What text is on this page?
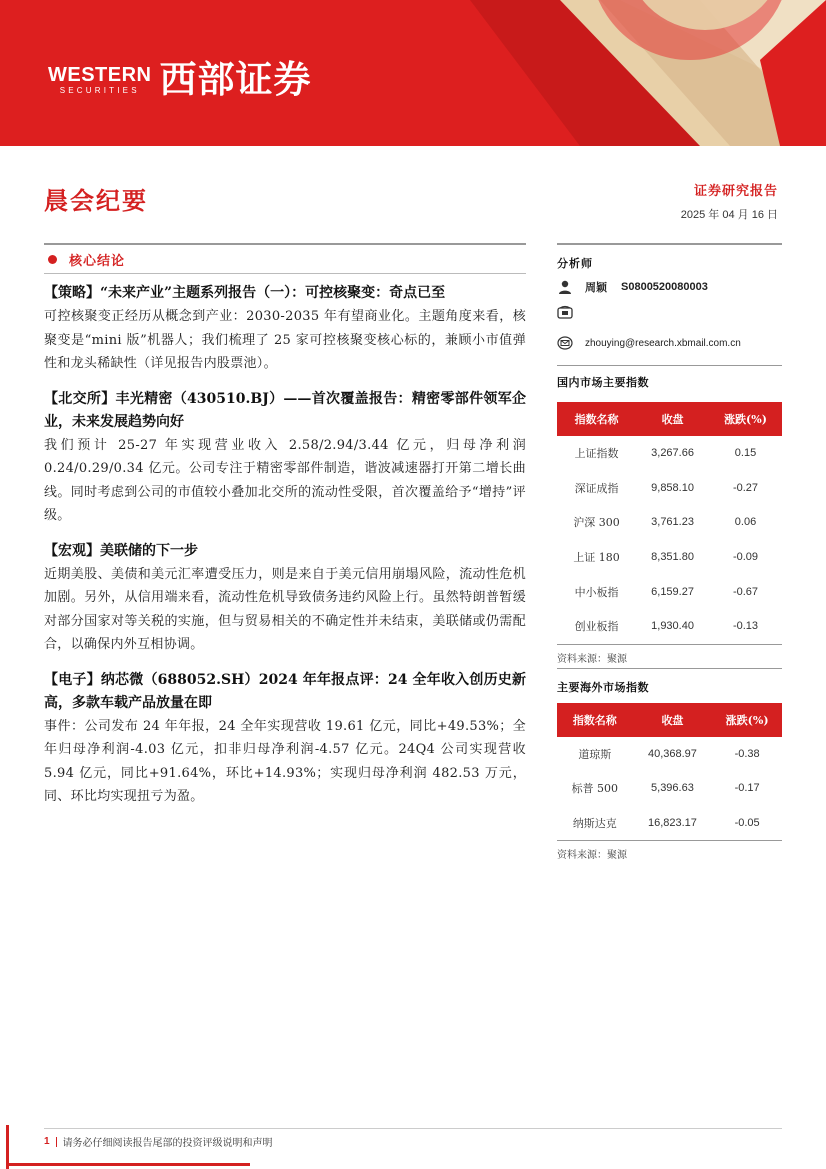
WESTERN
SECURITIES 西部证券
晨会纪要	证券研究报告
2025 年 04 月 16 日
核心结论
【策略】“未来产业”主题系列报告（一）：可控核聚变：奇点已至

可控核聚变正经历从概念到产业：2030-2035 年有望商业化。主题角度来看，核聚变是“mini 版”机器人；我们梳理了 25 家可控核聚变核心标的，兼顾小市值弹性和龙头稀缺性（详见报告内股票池）。

【北交所】丰光精密（430510.BJ）——首次覆盖报告：精密零部件领军企业，未来发展趋势向好

我们预计 25-27 年实现营业收入 2.58/2.94/3.44 亿元，归母净利润 0.24/0.29/0.34 亿元。公司专注于精密零部件制造，谐波减速器打开第二增长曲线。同时考虑到公司的市值较小叠加北交所的流动性受限，首次覆盖给予“增持”评级。

【宏观】美联储的下一步

近期美股、美债和美元汇率遭受压力，则是来自于美元信用崩塌风险，流动性危机加剧。另外，从信用端来看，流动性危机导致债务违约风险上行。虽然特朗普暂缓对部分国家对等关税的实施，但与贸易相关的不确定性并未结束，美联储或仍需配合，以确保内外互相协调。

【电子】纳芯微（688052.SH）2024 年年报点评：24 全年收入创历史新高，多款车载产品放量在即

事件：公司发布 24 年年报，24 全年实现营收 19.61 亿元，同比+49.53%；全年归母净利润-4.03 亿元，扣非归母净利润-4.57 亿元。24Q4 公司实现营收 5.94 亿元，同比+91.64%，环比+14.93%；实现归母净利润 482.53 万元，同、环比均实现扭亏为盈。

分析师
周颖 S0800520080003
zhouying@research.xbmail.com.cn
国内市场主要指数
指数名称	收盘	涨跌(%)
上证指数	3,267.66	0.15
深证成指	9,858.10	-0.27
沪深 300	3,761.23	0.06
上证 180	8,351.80	-0.09
中小板指	6,159.27	-0.67
创业板指	1,930.40	-0.13
资料来源：聚源
主要海外市场指数
指数名称	收盘	涨跌(%)
道琼斯	40,368.97	-0.38
标普 500	5,396.63	-0.17
纳斯达克	16,823.17	-0.05
资料来源：聚源
1 请务必仔细阅读报告尾部的投资评级说明和声明
